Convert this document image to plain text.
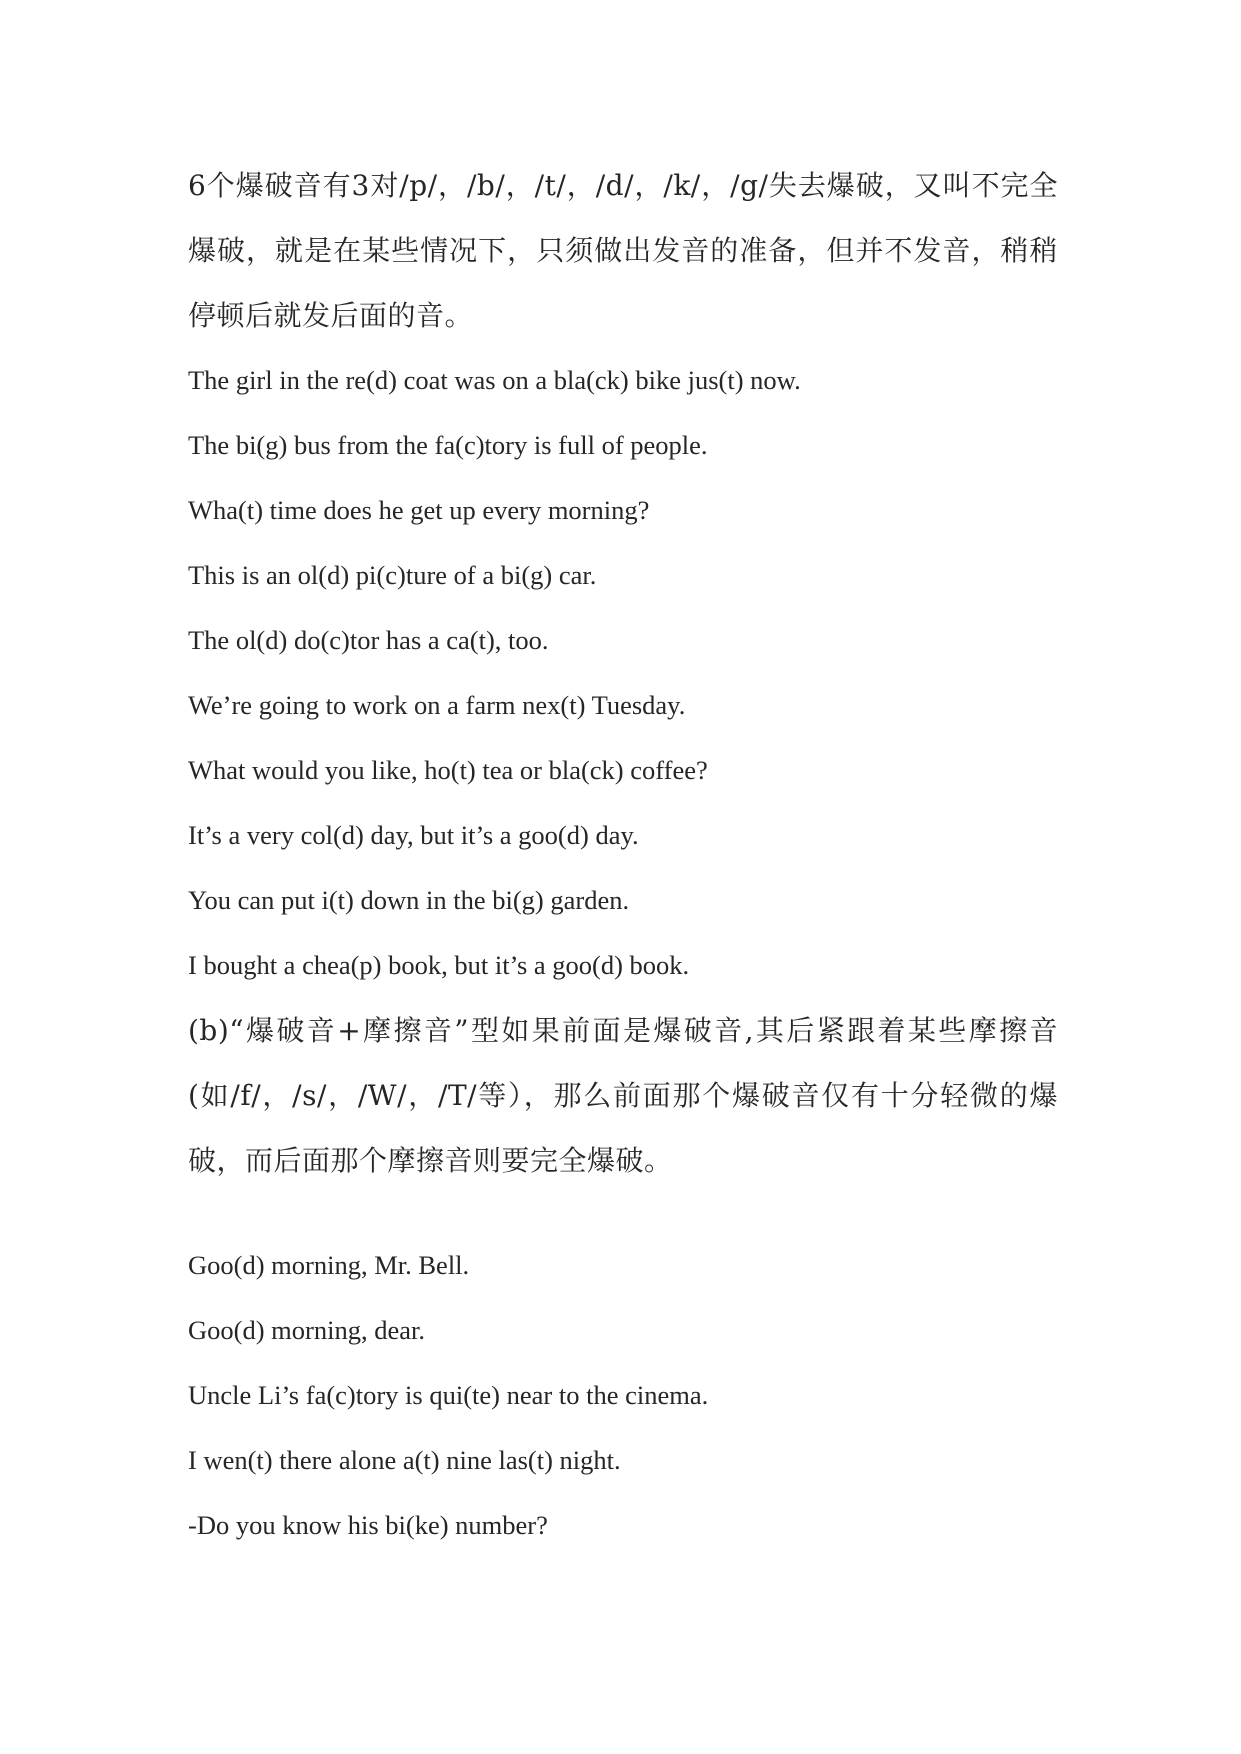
6个爆破音有3对/p/，/b/，/t/，/d/，/k/，/g/失去爆破，又叫不完全爆破，就是在某些情况下，只须做出发音的准备，但并不发音，稍稍停顿后就发后面的音。

The girl in the re(d) coat was on a bla(ck) bike jus(t) now.

The bi(g) bus from the fa(c)tory is full of people.

Wha(t) time does he get up every morning?

This is an ol(d) pi(c)ture of a bi(g) car.

The ol(d) do(c)tor has a ca(t), too.

We’re going to work on a farm nex(t) Tuesday.

What would you like, ho(t) tea or bla(ck) coffee?

It’s a very col(d) day, but it’s a goo(d) day.

You can put i(t) down in the bi(g) garden.

I bought a chea(p) book, but it’s a goo(d) book.

(b)“爆破音+摩擦音”型如果前面是爆破音,其后紧跟着某些摩擦音(如/f/，/s/，/W/，/T/等），那么前面那个爆破音仅有十分轻微的爆破，而后面那个摩擦音则要完全爆破。

Goo(d) morning, Mr. Bell.

Goo(d) morning, dear.

Uncle Li’s fa(c)tory is qui(te) near to the cinema.

I wen(t) there alone a(t) nine las(t) night.

-Do you know his bi(ke) number?
